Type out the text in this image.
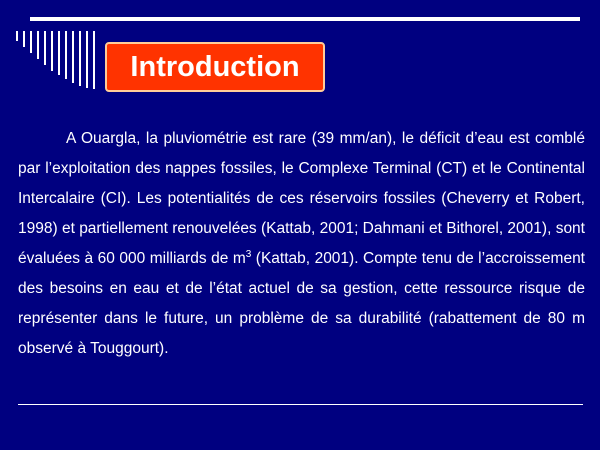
Introduction

A Ouargla, la pluviométrie est rare (39 mm/an), le déficit d’eau est comblé par l’exploitation des nappes fossiles, le Complexe Terminal (CT) et le Continental Intercalaire (CI). Les potentialités de ces réservoirs fossiles (Cheverry et Robert, 1998) et partiellement renouvelées (Kattab, 2001; Dahmani et Bithorel, 2001), sont évaluées à 60 000 milliards de $m^3$ (Kattab, 2001). Compte tenu de l’accroissement des besoins en eau et de l’état actuel de sa gestion, cette ressource risque de représenter dans le future, un problème de sa durabilité (rabattement de 80 m observé à Touggourt).
